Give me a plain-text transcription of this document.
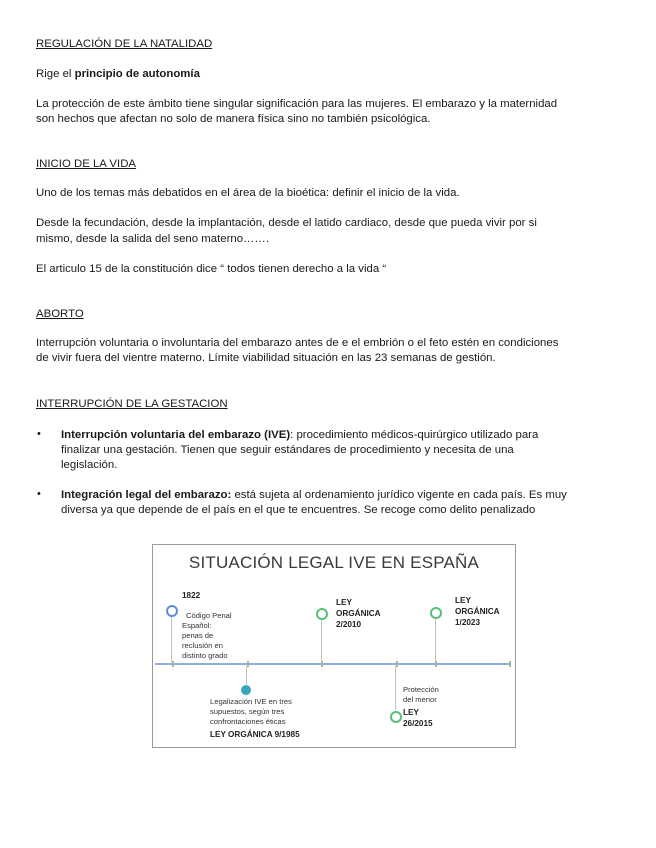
REGULACIÓN DE LA NATALIDAD

Rige el principio de autonomía

La protección de este ámbito tiene singular significación para las mujeres. El embarazo y la maternidad

son hechos que afectan no solo de manera física sino no también psicológica.

INICIO DE LA VIDA

Uno de los temas más debatidos en el área de la bioética: definir el inicio de la vida.

Desde la fecundación, desde la implantación, desde el latido cardiaco, desde que pueda vivir por si

mismo, desde la salida del seno materno…….

El articulo 15 de la constitución dice “ todos tienen derecho a la vida “

ABORTO

Interrupción voluntaria o involuntaria del embarazo antes de e el embrión o el feto estén en condiciones

de vivir fuera del vientre materno. Límite viabilidad situación en las 23 semanas de gestión.

INTERRUPCIÓN DE LA GESTACION

• Interrupción voluntaria del embarazo (IVE): procedimiento médicos-quirúrgico utilizado para

finalizar una gestación. Tienen que seguir estándares de procedimiento y necesita de una

legislación.

• Integración legal del embarazo: está sujeta al ordenamiento jurídico vigente en cada país. Es muy

diversa ya que depende de el país en el que te encuentres. Se recoge como delito penalizado

SITUACIÓN LEGAL IVE EN ESPAÑA
1822
Código Penal
Español:
penas de
reclusión en
distinto grado
Legalización IVE en tres
supuestos, según tres
confrontaciones éticas
LEY ORGÁNICA 9/1985
LEY
ORGÁNICA
2/2010
Protección
del menor
LEY
26/2015
LEY
ORGÁNICA
1/2023
